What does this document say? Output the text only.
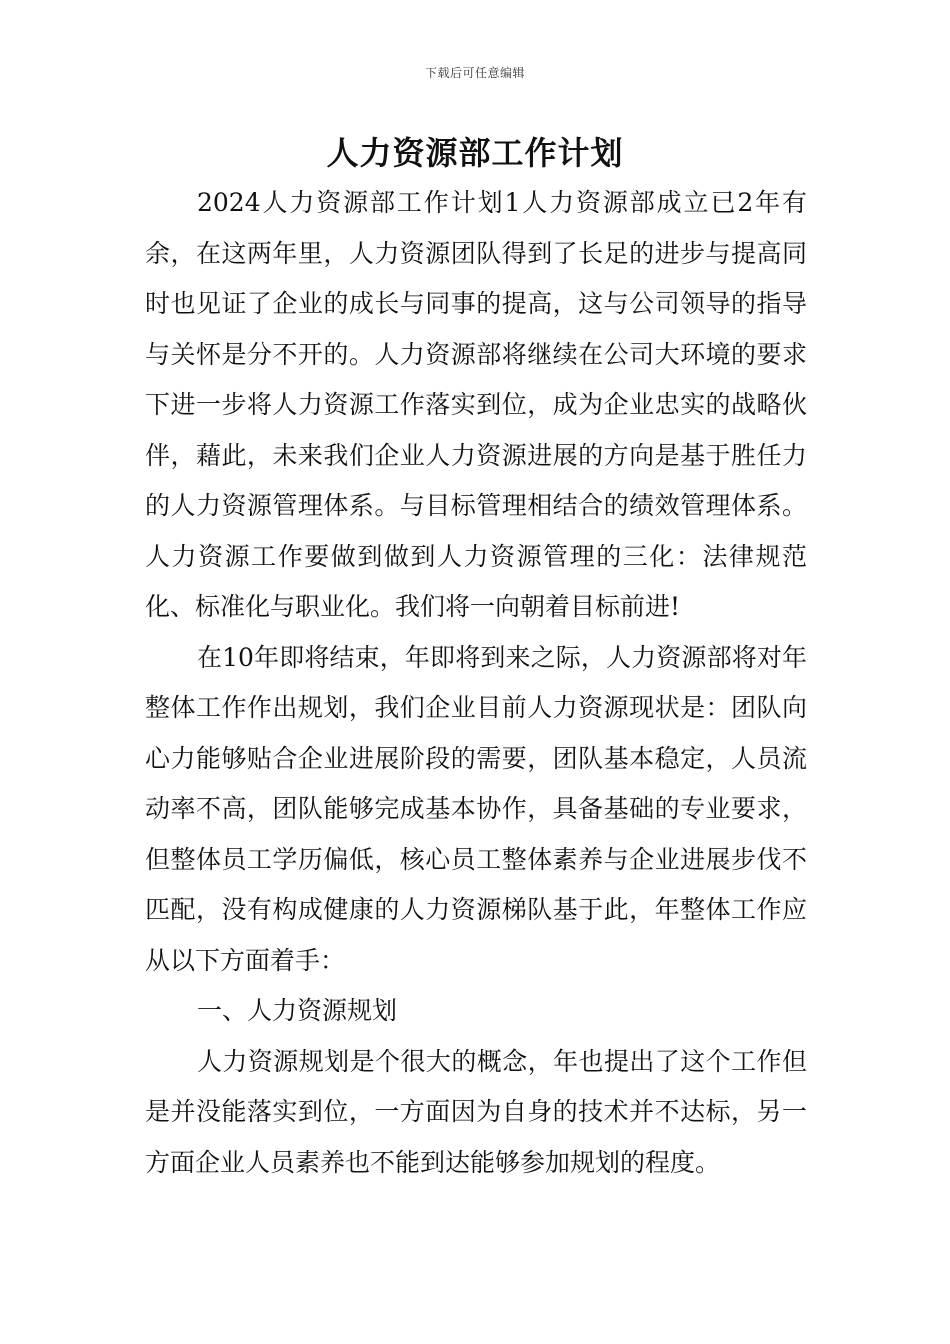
下载后可任意编辑
人力资源部工作计划

2024人力资源部工作计划1人力资源部成立已2年有余，在这两年里，人力资源团队得到了长足的进步与提高同时也见证了企业的成长与同事的提高，这与公司领导的指导与关怀是分不开的。人力资源部将继续在公司大环境的要求下进一步将人力资源工作落实到位，成为企业忠实的战略伙伴，藉此，未来我们企业人力资源进展的方向是基于胜任力的人力资源管理体系。与目标管理相结合的绩效管理体系。人力资源工作要做到做到人力资源管理的三化：法律规范化、标准化与职业化。我们将一向朝着目标前进!

在10年即将结束，年即将到来之际，人力资源部将对年整体工作作出规划，我们企业目前人力资源现状是：团队向心力能够贴合企业进展阶段的需要，团队基本稳定，人员流动率不高，团队能够完成基本协作，具备基础的专业要求，但整体员工学历偏低，核心员工整体素养与企业进展步伐不匹配，没有构成健康的人力资源梯队基于此，年整体工作应从以下方面着手：

一、人力资源规划

人力资源规划是个很大的概念，年也提出了这个工作但是并没能落实到位，一方面因为自身的技术并不达标，另一方面企业人员素养也不能到达能够参加规划的程度。
